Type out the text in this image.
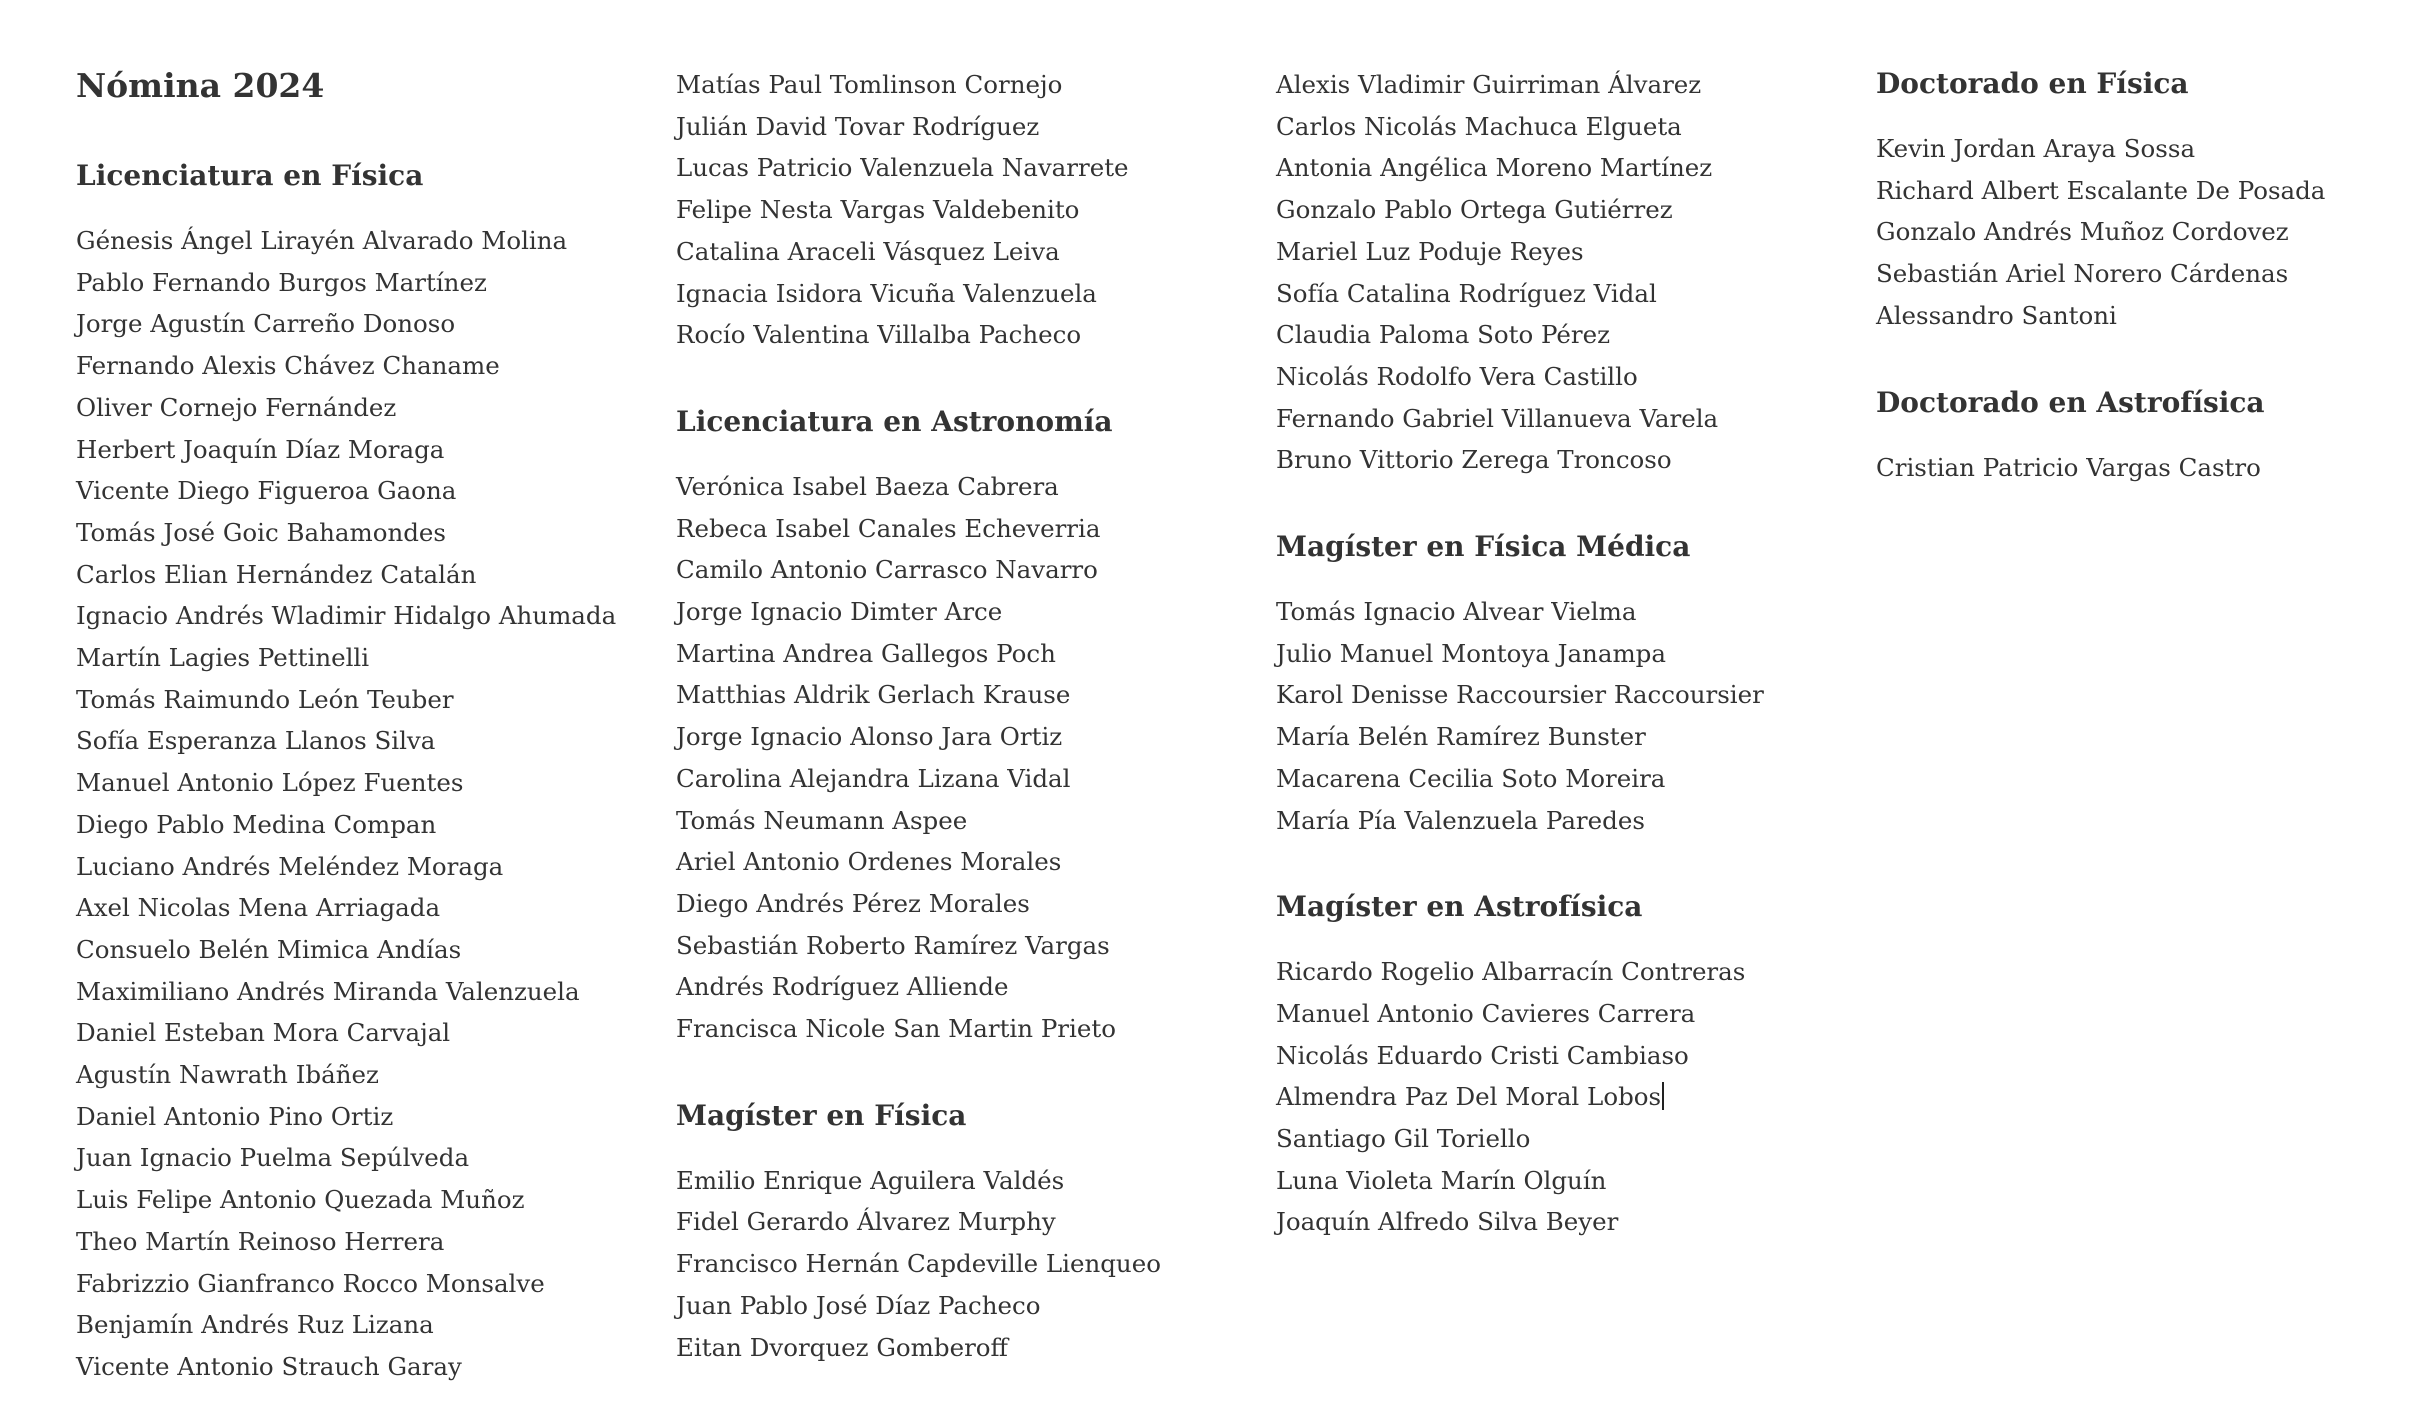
Nómina 2024
Licenciatura en Física
Génesis Ángel Lirayén Alvarado Molina
Pablo Fernando Burgos Martínez
Jorge Agustín Carreño Donoso
Fernando Alexis Chávez Chaname
Oliver Cornejo Fernández
Herbert Joaquín Díaz Moraga
Vicente Diego Figueroa Gaona
Tomás José Goic Bahamondes
Carlos Elian Hernández Catalán
Ignacio Andrés Wladimir Hidalgo Ahumada
Martín Lagies Pettinelli
Tomás Raimundo León Teuber
Sofía Esperanza Llanos Silva
Manuel Antonio López Fuentes
Diego Pablo Medina Compan
Luciano Andrés Meléndez Moraga
Axel Nicolas Mena Arriagada
Consuelo Belén Mimica Andías
Maximiliano Andrés Miranda Valenzuela
Daniel Esteban Mora Carvajal
Agustín Nawrath Ibáñez
Daniel Antonio Pino Ortiz
Juan Ignacio Puelma Sepúlveda
Luis Felipe Antonio Quezada Muñoz
Theo Martín Reinoso Herrera
Fabrizzio Gianfranco Rocco Monsalve
Benjamín Andrés Ruz Lizana
Vicente Antonio Strauch Garay
Matías Paul Tomlinson Cornejo
Julián David Tovar Rodríguez
Lucas Patricio Valenzuela Navarrete
Felipe Nesta Vargas Valdebenito
Catalina Araceli Vásquez Leiva
Ignacia Isidora Vicuña Valenzuela
Rocío Valentina Villalba Pacheco
Licenciatura en Astronomía
Verónica Isabel Baeza Cabrera
Rebeca Isabel Canales Echeverria
Camilo Antonio Carrasco Navarro
Jorge Ignacio Dimter Arce
Martina Andrea Gallegos Poch
Matthias Aldrik Gerlach Krause
Jorge Ignacio Alonso Jara Ortiz
Carolina Alejandra Lizana Vidal
Tomás Neumann Aspee
Ariel Antonio Ordenes Morales
Diego Andrés Pérez Morales
Sebastián Roberto Ramírez Vargas
Andrés Rodríguez Alliende
Francisca Nicole San Martin Prieto
Magíster en Física
Emilio Enrique Aguilera Valdés
Fidel Gerardo Álvarez Murphy
Francisco Hernán Capdeville Lienqueo
Juan Pablo José Díaz Pacheco
Eitan Dvorquez Gomberoff
Alexis Vladimir Guirriman Álvarez
Carlos Nicolás Machuca Elgueta
Antonia Angélica Moreno Martínez
Gonzalo Pablo Ortega Gutiérrez
Mariel Luz Poduje Reyes
Sofía Catalina Rodríguez Vidal
Claudia Paloma Soto Pérez
Nicolás Rodolfo Vera Castillo
Fernando Gabriel Villanueva Varela
Bruno Vittorio Zerega Troncoso
Magíster en Física Médica
Tomás Ignacio Alvear Vielma
Julio Manuel Montoya Janampa
Karol Denisse Raccoursier Raccoursier
María Belén Ramírez Bunster
Macarena Cecilia Soto Moreira
María Pía Valenzuela Paredes
Magíster en Astrofísica
Ricardo Rogelio Albarracín Contreras
Manuel Antonio Cavieres Carrera
Nicolás Eduardo Cristi Cambiaso
Almendra Paz Del Moral Lobos
Santiago Gil Toriello
Luna Violeta Marín Olguín
Joaquín Alfredo Silva Beyer
Doctorado en Física
Kevin Jordan Araya Sossa
Richard Albert Escalante De Posada
Gonzalo Andrés Muñoz Cordovez
Sebastián Ariel Norero Cárdenas
Alessandro Santoni
Doctorado en Astrofísica
Cristian Patricio Vargas Castro
